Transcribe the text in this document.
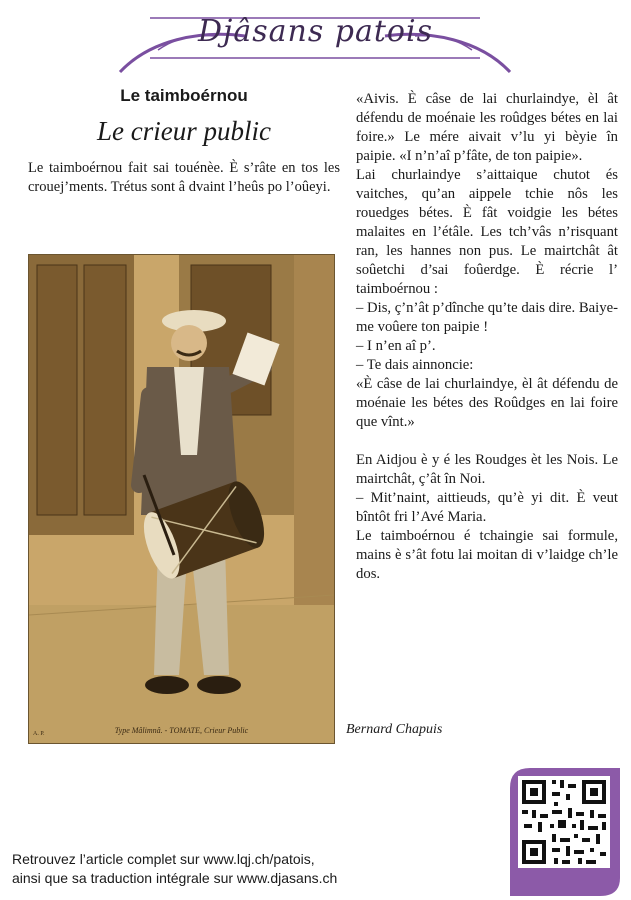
Djâsans patois
Le taimboérnou
Le crieur public

Le taimboérnou fait sai touénèe. È s’râte en tos les crouej’ments. Trétus sont â dvaint l’heûs po l’oûeyi.

Type Mâlimnâ. - TOMATE, Crieur Public
A. P.

«Aivis. È câse de lai churlaindye, èl ât défendu de moénaie les roûdges bétes en lai foire.» Le mére aivait v’lu yi bèyie în paipie. «I n’n’aî p’fâte, de ton paipie».

Lai churlaindye s’aittaique chutot és vaitches, qu’an aippele tchie nôs les rouedges bétes. È fât voidgie les bétes malaites en l’étâle. Les tch’vâs n’risquant ran, les hannes non pus. Le mairtchât ât soûetchi d’sai foûerdge. È récrie l’ taimboérnou :

– Dis, ç’n’ât p’dînche qu’te dais dire. Baiye-me voûere ton paipie !

– I n’en aî p’.

– Te dais ainnoncie:

«È câse de lai churlaindye, èl ât défendu de moénaie les bétes des Roûdges en lai foire que vînt.»

En Aidjou è y é les Roudges èt les Nois. Le mairtchât, ç’ât în Noi.

– Mit’naint, aittieuds, qu’è yi dit. È veut bîntôt fri l’Avé Maria.

Le taimboérnou é tchaingie sai formule, mains è s’ât fotu lai moitan di v’laidge ch’le dos.

Bernard Chapuis
Retrouvez l’article complet sur www.lqj.ch/patois,
ainsi que sa traduction intégrale sur www.djasans.ch
